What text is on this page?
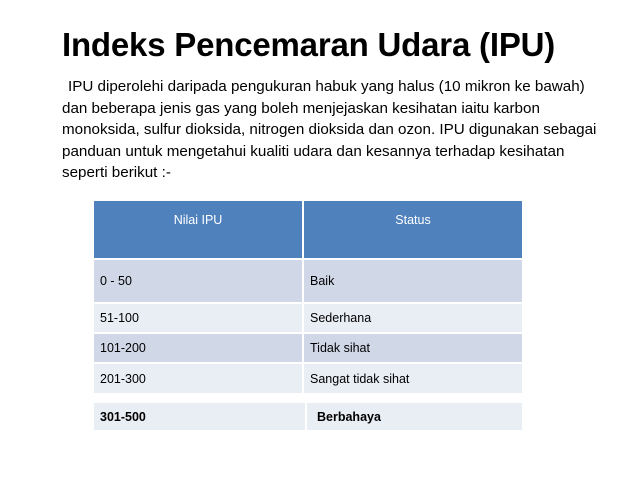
Indeks Pencemaran Udara (IPU)

IPU diperolehi daripada pengukuran habuk yang halus (10 mikron ke bawah) dan beberapa jenis gas yang boleh menjejaskan kesihatan iaitu karbon monoksida, sulfur dioksida, nitrogen dioksida dan ozon. IPU digunakan sebagai panduan untuk mengetahui kualiti udara dan kesannya terhadap kesihatan seperti berikut :-

Nilai IPU	Status
0 - 50	Baik
51-100	Sederhana
101-200	Tidak sihat
201-300	Sangat tidak sihat
301-500	Berbahaya
